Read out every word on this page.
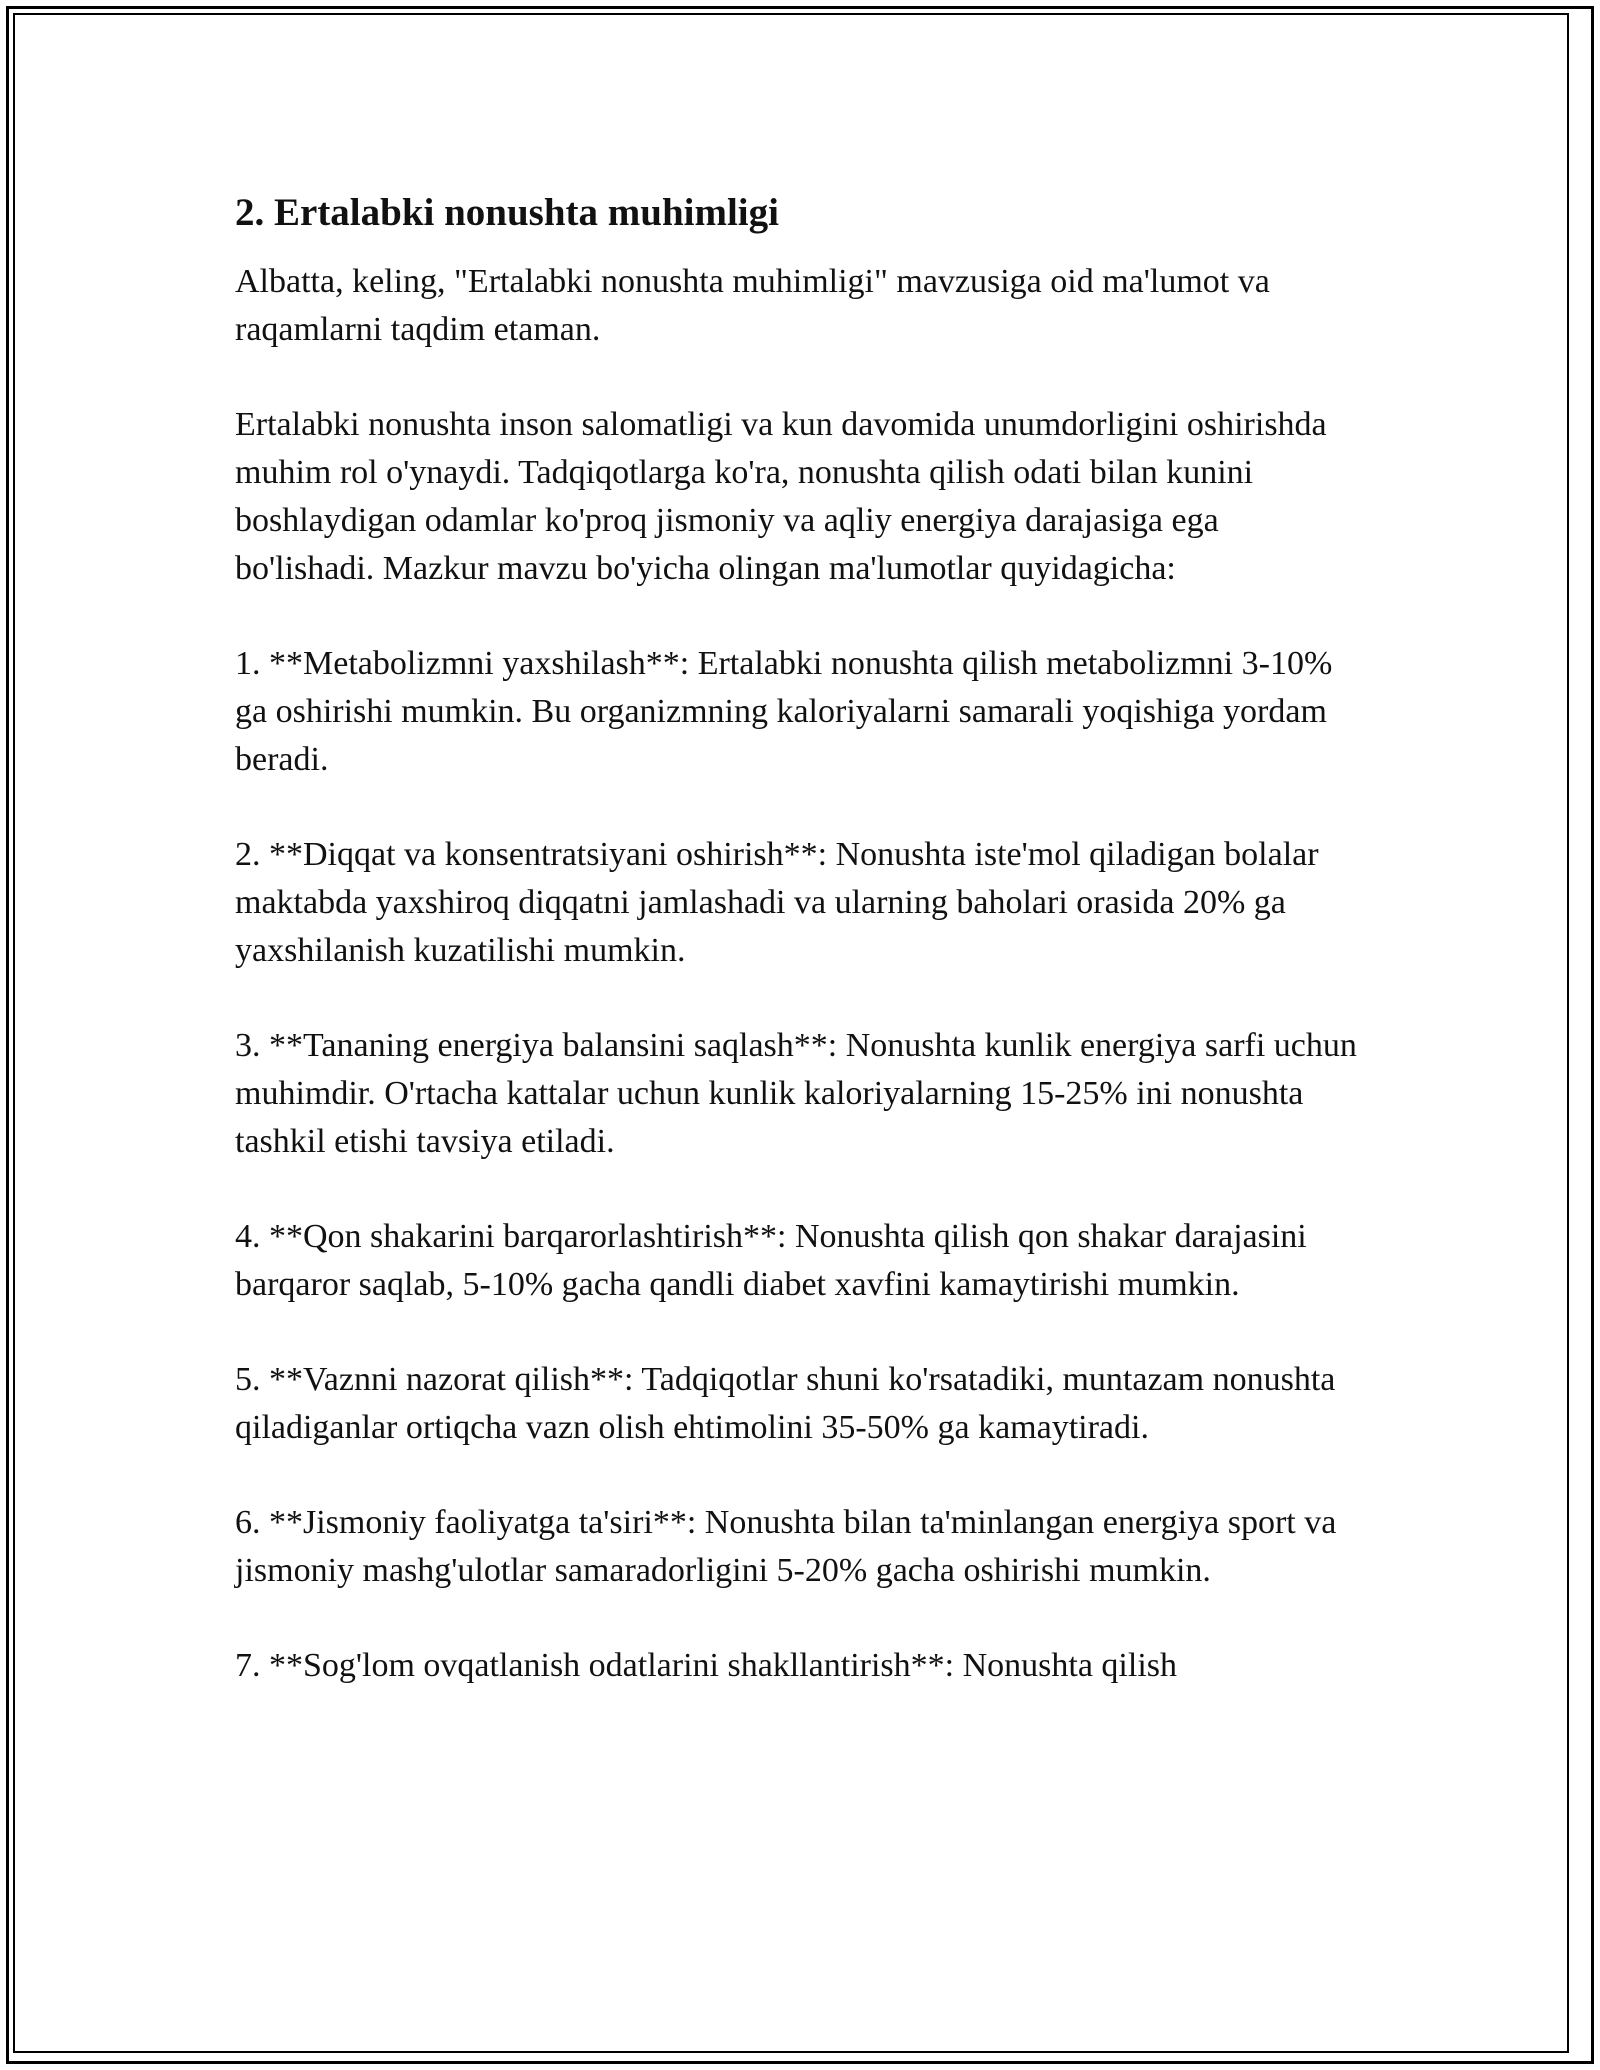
2. Ertalabki nonushta muhimligi

Albatta, keling, "Ertalabki nonushta muhimligi" mavzusiga oid ma'lumot va raqamlarni taqdim etaman.

Ertalabki nonushta inson salomatligi va kun davomida unumdorligini oshirishda muhim rol o'ynaydi. Tadqiqotlarga ko'ra, nonushta qilish odati bilan kunini boshlaydigan odamlar ko'proq jismoniy va aqliy energiya darajasiga ega bo'lishadi. Mazkur mavzu bo'yicha olingan ma'lumotlar quyidagicha:

1. **Metabolizmni yaxshilash**: Ertalabki nonushta qilish metabolizmni 3-10% ga oshirishi mumkin. Bu organizmning kaloriyalarni samarali yoqishiga yordam beradi.

2. **Diqqat va konsentratsiyani oshirish**: Nonushta iste'mol qiladigan bolalar maktabda yaxshiroq diqqatni jamlashadi va ularning baholari orasida 20% ga yaxshilanish kuzatilishi mumkin.

3. **Tananing energiya balansini saqlash**: Nonushta kunlik energiya sarfi uchun muhimdir. O'rtacha kattalar uchun kunlik kaloriyalarning 15-25% ini nonushta tashkil etishi tavsiya etiladi.

4. **Qon shakarini barqarorlashtirish**: Nonushta qilish qon shakar darajasini barqaror saqlab, 5-10% gacha qandli diabet xavfini kamaytirishi mumkin.

5. **Vaznni nazorat qilish**: Tadqiqotlar shuni ko'rsatadiki, muntazam nonushta qiladiganlar ortiqcha vazn olish ehtimolini 35-50% ga kamaytiradi.

6. **Jismoniy faoliyatga ta'siri**: Nonushta bilan ta'minlangan energiya sport va jismoniy mashg'ulotlar samaradorligini 5-20% gacha oshirishi mumkin.

7. **Sog'lom ovqatlanish odatlarini shakllantirish**: Nonushta qilish
